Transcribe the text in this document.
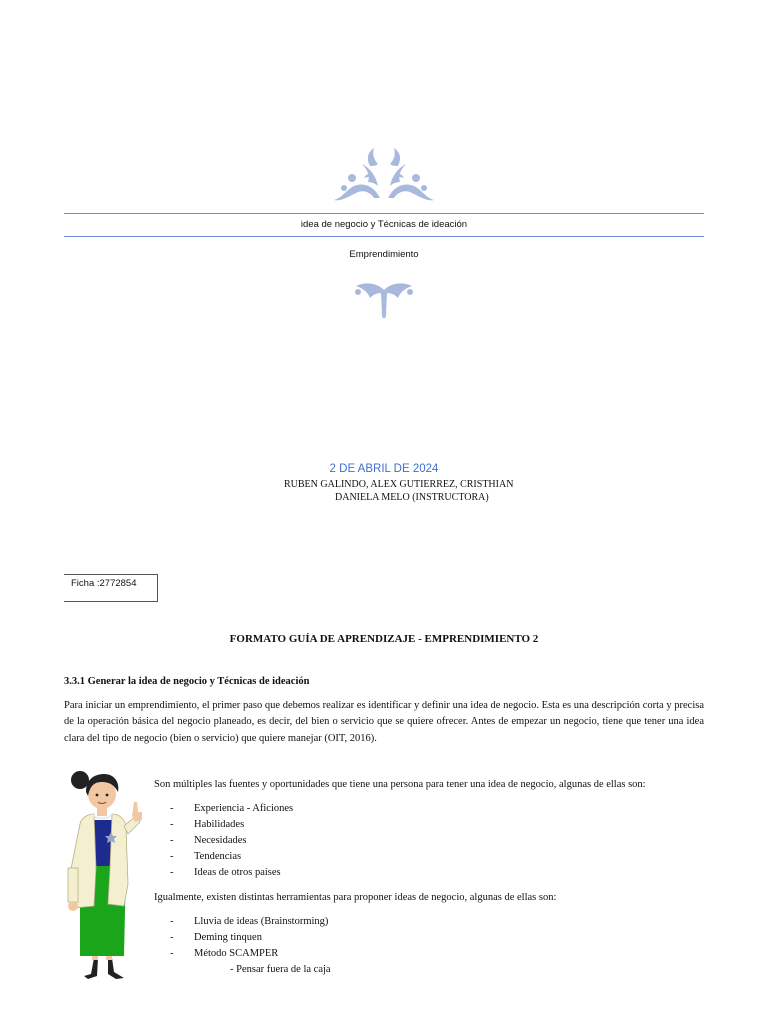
idea de negocio y Técnicas de ideación
Emprendimiento
2 DE ABRIL DE 2024
RUBEN GALINDO, ALEX GUTIERREZ, CRISTHIAN
DANIELA MELO (INSTRUCTORA)
Ficha :2772854
FORMATO GUÍA DE APRENDIZAJE - EMPRENDIMIENTO 2
3.3.1 Generar la idea de negocio y Técnicas de ideación
Para iniciar un emprendimiento, el primer paso que debemos realizar es identificar y definir una idea de negocio. Esta es una descripción corta y precisa de la operación básica del negocio planeado, es decir, del bien o servicio que se quiere ofrecer. Antes de empezar un negocio, tiene que tener una idea clara del tipo de negocio (bien o servicio) que quiere manejar (OIT, 2016).
Son múltiples las fuentes y oportunidades que tiene una persona para tener una idea de negocio, algunas de ellas son:
- Experiencia - Aficiones
- Habilidades
- Necesidades
- Tendencias
- Ideas de otros países
Igualmente, existen distintas herramientas para proponer ideas de negocio, algunas de ellas son:
- Lluvia de ideas (Brainstorming)
- Deming tinquen
- Método SCAMPER
- Pensar fuera de la caja
